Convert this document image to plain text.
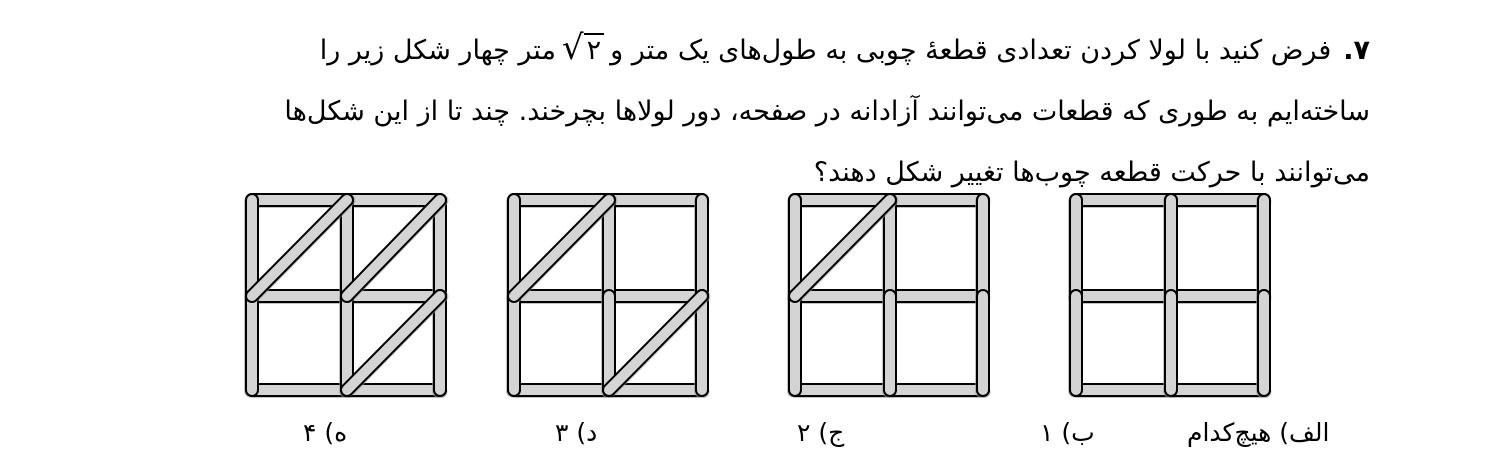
۷.فرض کنید با لولا کردن تعدادی قطعهٔ چوبی به طول‌های یک متر و√ ۲متر چهار شکل زیر را
ساخته‌ایم به طوری که قطعات می‌توانند آزادانه در صفحه، دور لولاها بچرخند. چند تا از این شکل‌ها
می‌توانند با حرکت قطعه چوب‌ها تغییر شکل دهند؟
ه) ۴	د) ۳	ج) ۲	ب) ۱	الف) هیچ‌کدام
